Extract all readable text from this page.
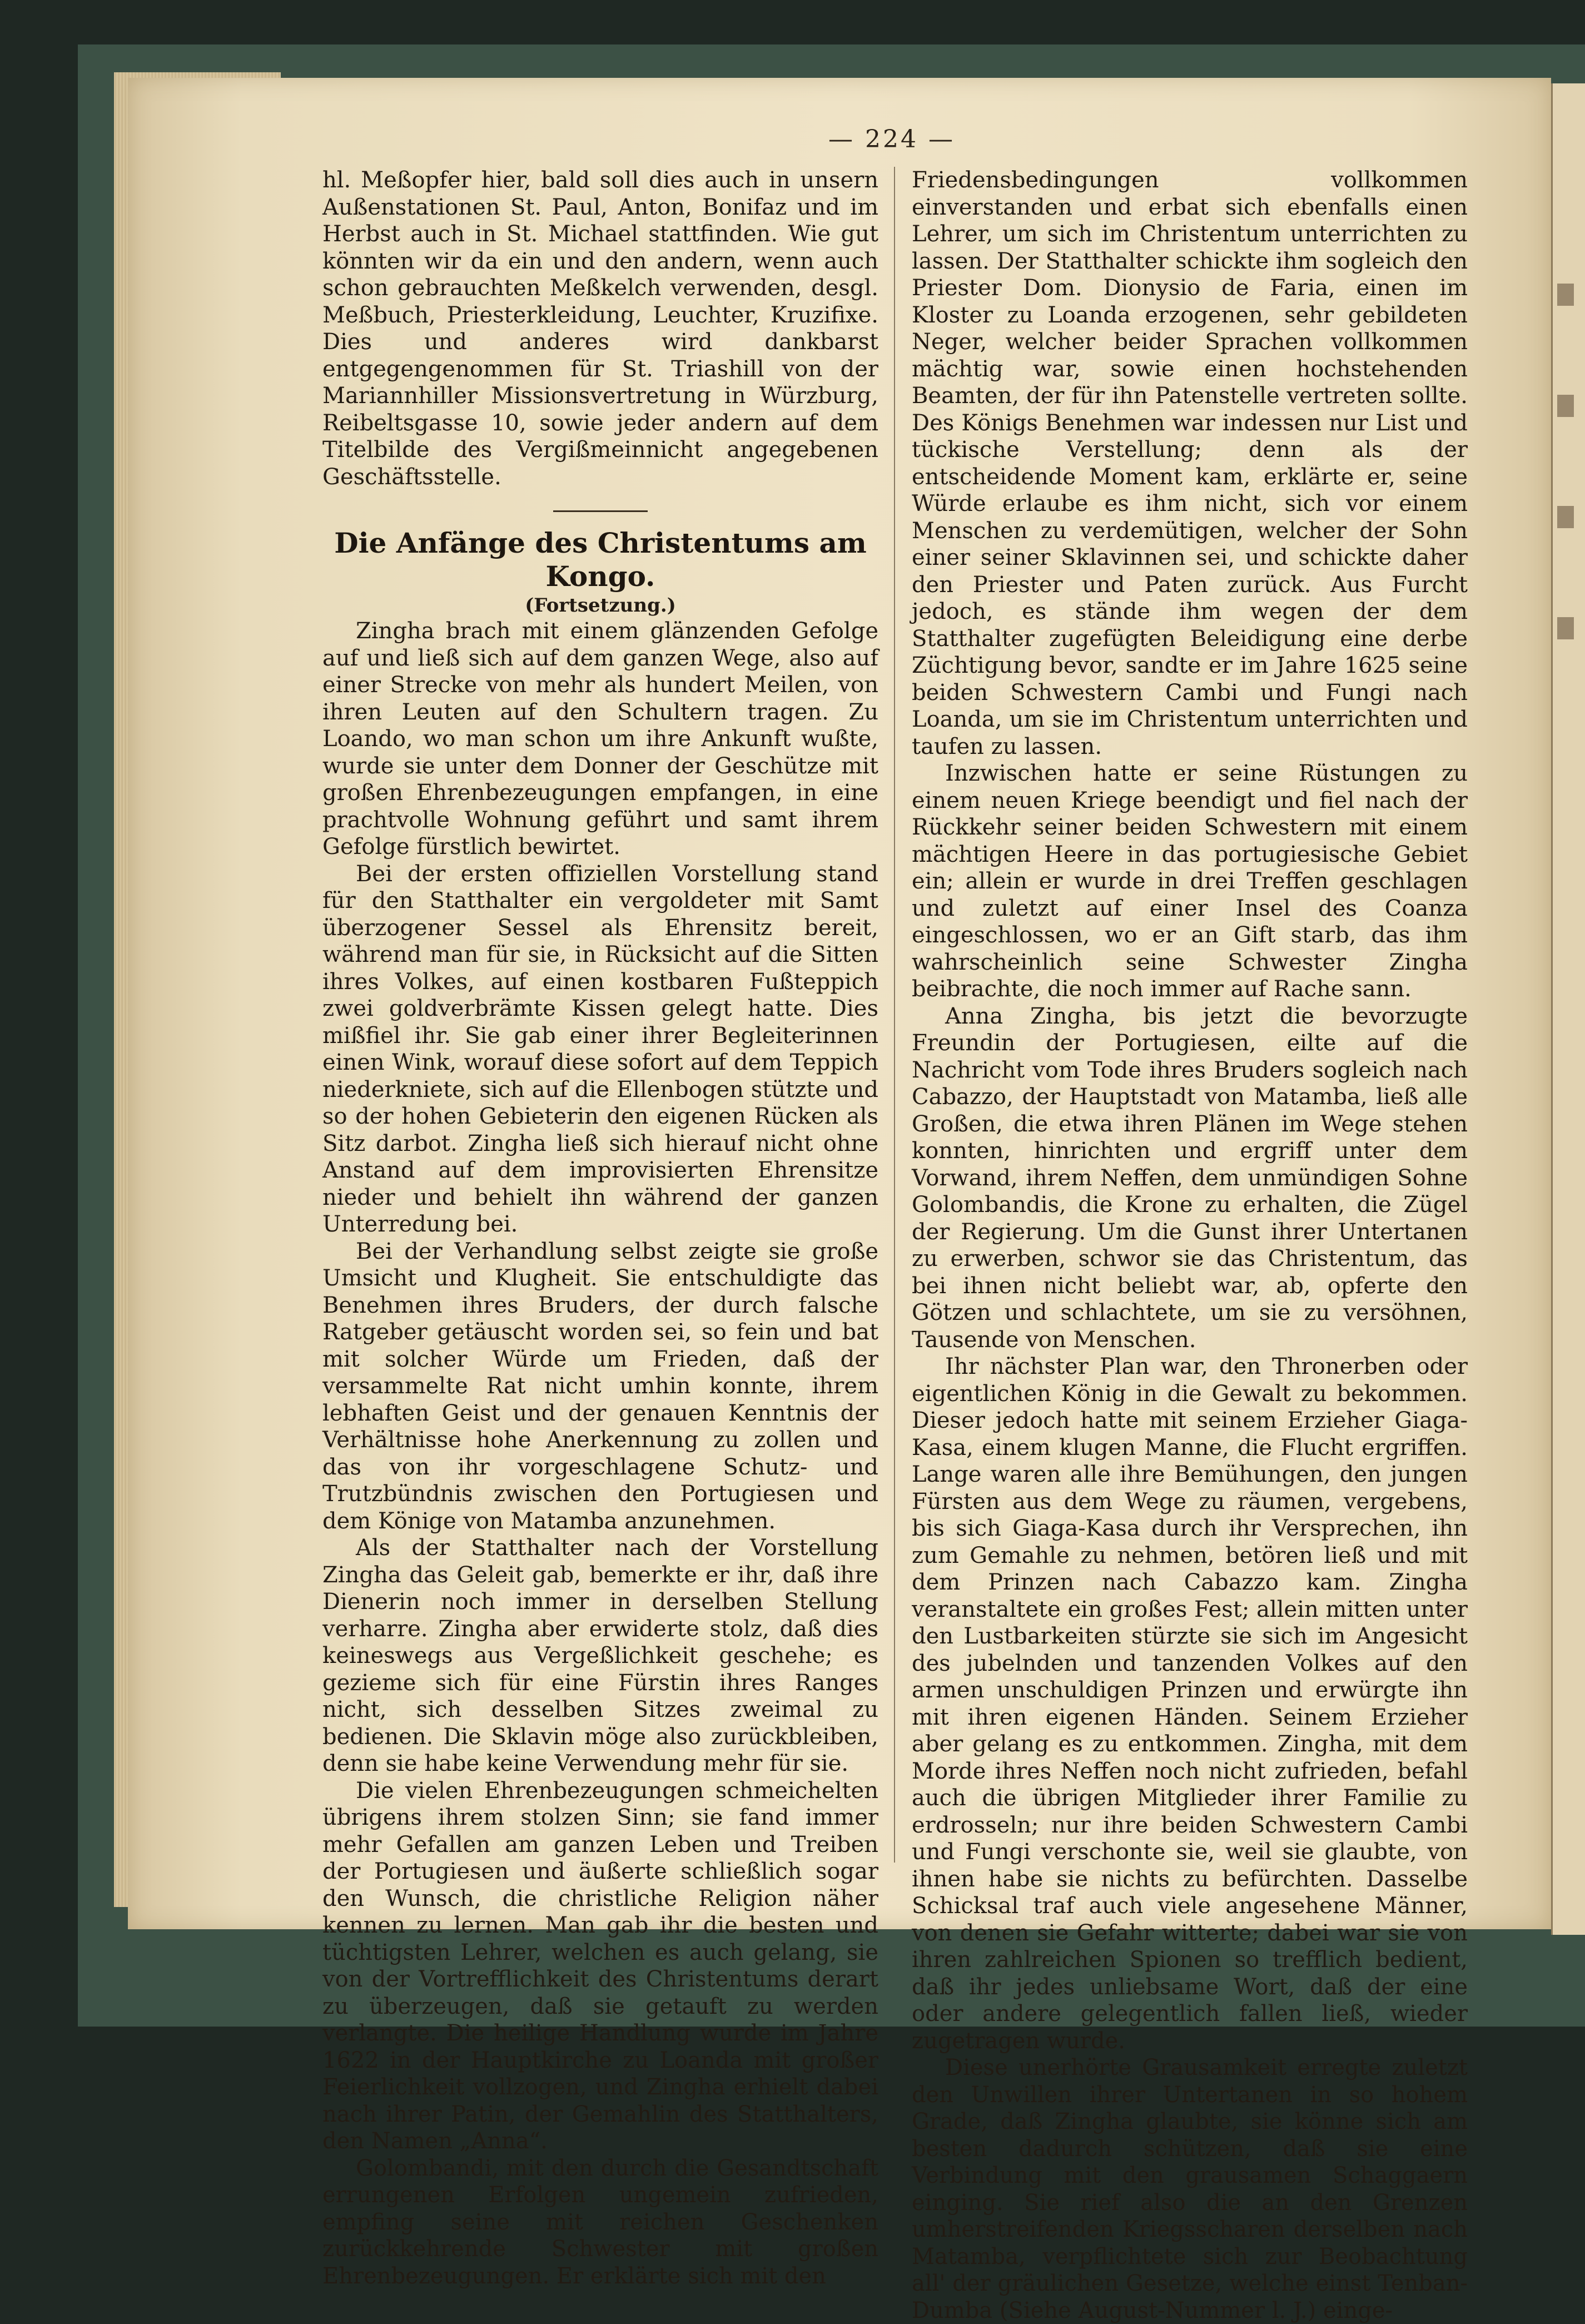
— 224 —

hl. Meßopfer hier, bald soll dies auch in unsern Außenstationen St. Paul, Anton, Bonifaz und im Herbst auch in St. Michael stattfinden. Wie gut könnten wir da ein und den andern, wenn auch schon gebrauchten Meßkelch verwenden, desgl. Meßbuch, Priesterkleidung, Leuchter, Kruzifixe. Dies und anderes wird dankbarst entgegengenommen für St. Triashill von der Mariannhiller Missionsvertretung in Würzburg, Reibeltsgasse 10, sowie jeder andern auf dem Titelbilde des Vergißmeinnicht angegebenen Geschäftsstelle.

Die Anfänge des Christentums am Kongo.

(Fortsetzung.)

Zingha brach mit einem glänzenden Gefolge auf und ließ sich auf dem ganzen Wege, also auf einer Strecke von mehr als hundert Meilen, von ihren Leuten auf den Schultern tragen. Zu Loando, wo man schon um ihre Ankunft wußte, wurde sie unter dem Donner der Geschütze mit großen Ehrenbezeugungen empfangen, in eine prachtvolle Wohnung geführt und samt ihrem Gefolge fürstlich bewirtet.

Bei der ersten offiziellen Vorstellung stand für den Statthalter ein vergoldeter mit Samt überzogener Sessel als Ehrensitz bereit, während man für sie, in Rücksicht auf die Sitten ihres Volkes, auf einen kostbaren Fußteppich zwei goldverbrämte Kissen gelegt hatte. Dies mißfiel ihr. Sie gab einer ihrer Begleiterinnen einen Wink, worauf diese sofort auf dem Teppich niederkniete, sich auf die Ellenbogen stützte und so der hohen Gebieterin den eigenen Rücken als Sitz darbot. Zingha ließ sich hierauf nicht ohne Anstand auf dem improvisierten Ehrensitze nieder und behielt ihn während der ganzen Unterredung bei.

Bei der Verhandlung selbst zeigte sie große Umsicht und Klugheit. Sie entschuldigte das Benehmen ihres Bruders, der durch falsche Ratgeber getäuscht worden sei, so fein und bat mit solcher Würde um Frieden, daß der versammelte Rat nicht umhin konnte, ihrem lebhaften Geist und der genauen Kenntnis der Verhältnisse hohe Anerkennung zu zollen und das von ihr vorgeschlagene Schutz- und Trutzbündnis zwischen den Portugiesen und dem Könige von Matamba anzunehmen.

Als der Statthalter nach der Vorstellung Zingha das Geleit gab, bemerkte er ihr, daß ihre Dienerin noch immer in derselben Stellung verharre. Zingha aber erwiderte stolz, daß dies keineswegs aus Vergeßlichkeit geschehe; es gezieme sich für eine Fürstin ihres Ranges nicht, sich desselben Sitzes zweimal zu bedienen. Die Sklavin möge also zurückbleiben, denn sie habe keine Verwendung mehr für sie.

Die vielen Ehrenbezeugungen schmeichelten übrigens ihrem stolzen Sinn; sie fand immer mehr Gefallen am ganzen Leben und Treiben der Portugiesen und äußerte schließlich sogar den Wunsch, die christliche Religion näher kennen zu lernen. Man gab ihr die besten und tüchtigsten Lehrer, welchen es auch gelang, sie von der Vortrefflichkeit des Christentums derart zu überzeugen, daß sie getauft zu werden verlangte. Die heilige Handlung wurde im Jahre 1622 in der Hauptkirche zu Loanda mit großer Feierlichkeit vollzogen, und Zingha erhielt dabei nach ihrer Patin, der Gemahlin des Statthalters, den Namen „Anna“.

Golombandi, mit den durch die Gesandtschaft errungenen Erfolgen ungemein zufrieden, empfing seine mit reichen Geschenken zurückkehrende Schwester mit großen Ehrenbezeugungen. Er erklärte sich mit den

Friedensbedingungen vollkommen einverstanden und erbat sich ebenfalls einen Lehrer, um sich im Christentum unterrichten zu lassen. Der Statthalter schickte ihm sogleich den Priester Dom. Dionysio de Faria, einen im Kloster zu Loanda erzogenen, sehr gebildeten Neger, welcher beider Sprachen vollkommen mächtig war, sowie einen hochstehenden Beamten, der für ihn Patenstelle vertreten sollte. Des Königs Benehmen war indessen nur List und tückische Verstellung; denn als der entscheidende Moment kam, erklärte er, seine Würde erlaube es ihm nicht, sich vor einem Menschen zu verdemütigen, welcher der Sohn einer seiner Sklavinnen sei, und schickte daher den Priester und Paten zurück. Aus Furcht jedoch, es stände ihm wegen der dem Statthalter zugefügten Beleidigung eine derbe Züchtigung bevor, sandte er im Jahre 1625 seine beiden Schwestern Cambi und Fungi nach Loanda, um sie im Christentum unterrichten und taufen zu lassen.

Inzwischen hatte er seine Rüstungen zu einem neuen Kriege beendigt und fiel nach der Rückkehr seiner beiden Schwestern mit einem mächtigen Heere in das portugiesische Gebiet ein; allein er wurde in drei Treffen geschlagen und zuletzt auf einer Insel des Coanza eingeschlossen, wo er an Gift starb, das ihm wahrscheinlich seine Schwester Zingha beibrachte, die noch immer auf Rache sann.

Anna Zingha, bis jetzt die bevorzugte Freundin der Portugiesen, eilte auf die Nachricht vom Tode ihres Bruders sogleich nach Cabazzo, der Hauptstadt von Matamba, ließ alle Großen, die etwa ihren Plänen im Wege stehen konnten, hinrichten und ergriff unter dem Vorwand, ihrem Neffen, dem unmündigen Sohne Golombandis, die Krone zu erhalten, die Zügel der Regierung. Um die Gunst ihrer Untertanen zu erwerben, schwor sie das Christentum, das bei ihnen nicht beliebt war, ab, opferte den Götzen und schlachtete, um sie zu versöhnen, Tausende von Menschen.

Ihr nächster Plan war, den Thronerben oder eigentlichen König in die Gewalt zu bekommen. Dieser jedoch hatte mit seinem Erzieher Giaga-Kasa, einem klugen Manne, die Flucht ergriffen. Lange waren alle ihre Bemühungen, den jungen Fürsten aus dem Wege zu räumen, vergebens, bis sich Giaga-Kasa durch ihr Versprechen, ihn zum Gemahle zu nehmen, betören ließ und mit dem Prinzen nach Cabazzo kam. Zingha veranstaltete ein großes Fest; allein mitten unter den Lustbarkeiten stürzte sie sich im Angesicht des jubelnden und tanzenden Volkes auf den armen unschuldigen Prinzen und erwürgte ihn mit ihren eigenen Händen. Seinem Erzieher aber gelang es zu entkommen. Zingha, mit dem Morde ihres Neffen noch nicht zufrieden, befahl auch die übrigen Mitglieder ihrer Familie zu erdrosseln; nur ihre beiden Schwestern Cambi und Fungi verschonte sie, weil sie glaubte, von ihnen habe sie nichts zu befürchten. Dasselbe Schicksal traf auch viele angesehene Männer, von denen sie Gefahr witterte; dabei war sie von ihren zahlreichen Spionen so trefflich bedient, daß ihr jedes unliebsame Wort, daß der eine oder andere gelegentlich fallen ließ, wieder zugetragen wurde.

Diese unerhörte Grausamkeit erregte zuletzt den Unwillen ihrer Untertanen in so hohem Grade, daß Zingha glaubte, sie könne sich am besten dadurch schützen, daß sie eine Verbindung mit den grausamen Schaggaern einging. Sie rief also die an den Grenzen umherstreifenden Kriegsscharen derselben nach Matamba, verpflichtete sich zur Beobachtung all' der gräulichen Gesetze, welche einst Tenban-Dumba (Siehe August-Nummer l. J.) einge-
